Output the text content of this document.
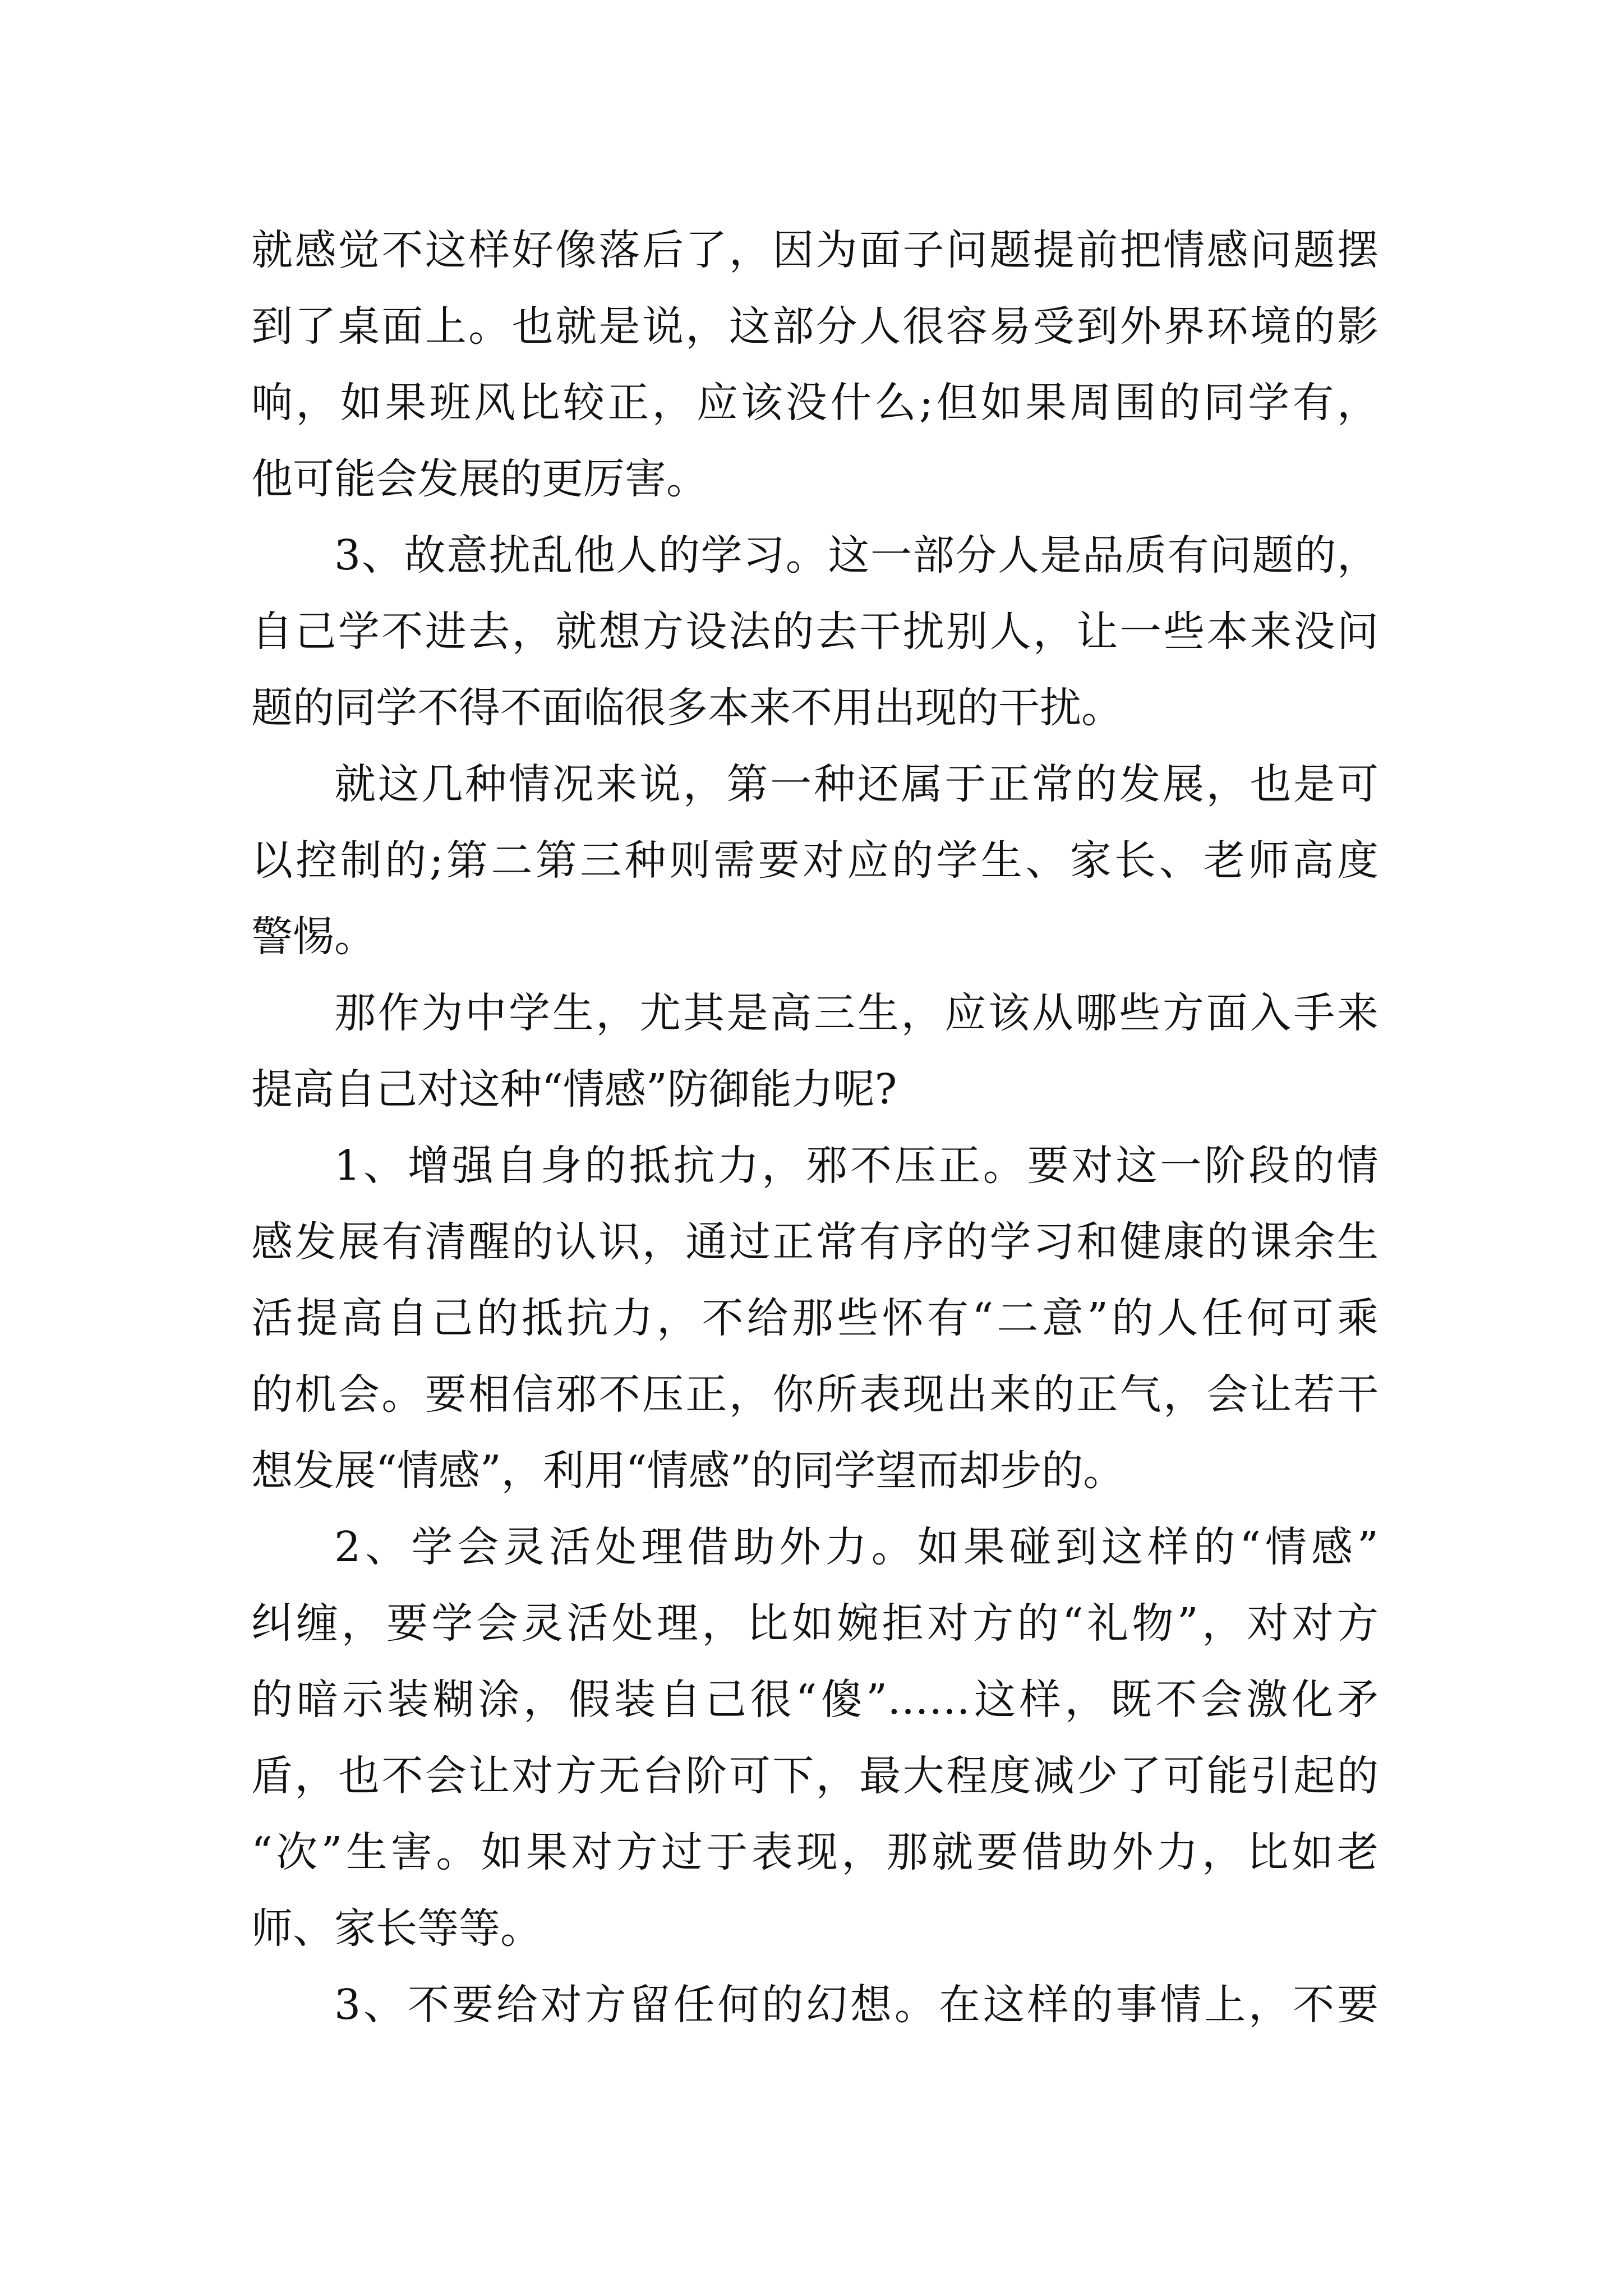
就感觉不这样好像落后了，因为面子问题提前把情感问题摆
到了桌面上。也就是说，这部分人很容易受到外界环境的影
响，如果班风比较正，应该没什么;但如果周围的同学有，
他可能会发展的更厉害。
3、故意扰乱他人的学习。这一部分人是品质有问题的，
自己学不进去，就想方设法的去干扰别人，让一些本来没问
题的同学不得不面临很多本来不用出现的干扰。
就这几种情况来说，第一种还属于正常的发展，也是可
以控制的;第二第三种则需要对应的学生、家长、老师高度
警惕。
那作为中学生，尤其是高三生，应该从哪些方面入手来
提高自己对这种“情感”防御能力呢?
1、增强自身的抵抗力，邪不压正。要对这一阶段的情
感发展有清醒的认识，通过正常有序的学习和健康的课余生
活提高自己的抵抗力，不给那些怀有“二意”的人任何可乘
的机会。要相信邪不压正，你所表现出来的正气，会让若干
想发展“情感”，利用“情感”的同学望而却步的。
2、学会灵活处理借助外力。如果碰到这样的“情感”
纠缠，要学会灵活处理，比如婉拒对方的“礼物”，对对方
的暗示装糊涂，假装自己很“傻”……这样，既不会激化矛
盾，也不会让对方无台阶可下，最大程度减少了可能引起的
“次”生害。如果对方过于表现，那就要借助外力，比如老
师、家长等等。
3、不要给对方留任何的幻想。在这样的事情上，不要
